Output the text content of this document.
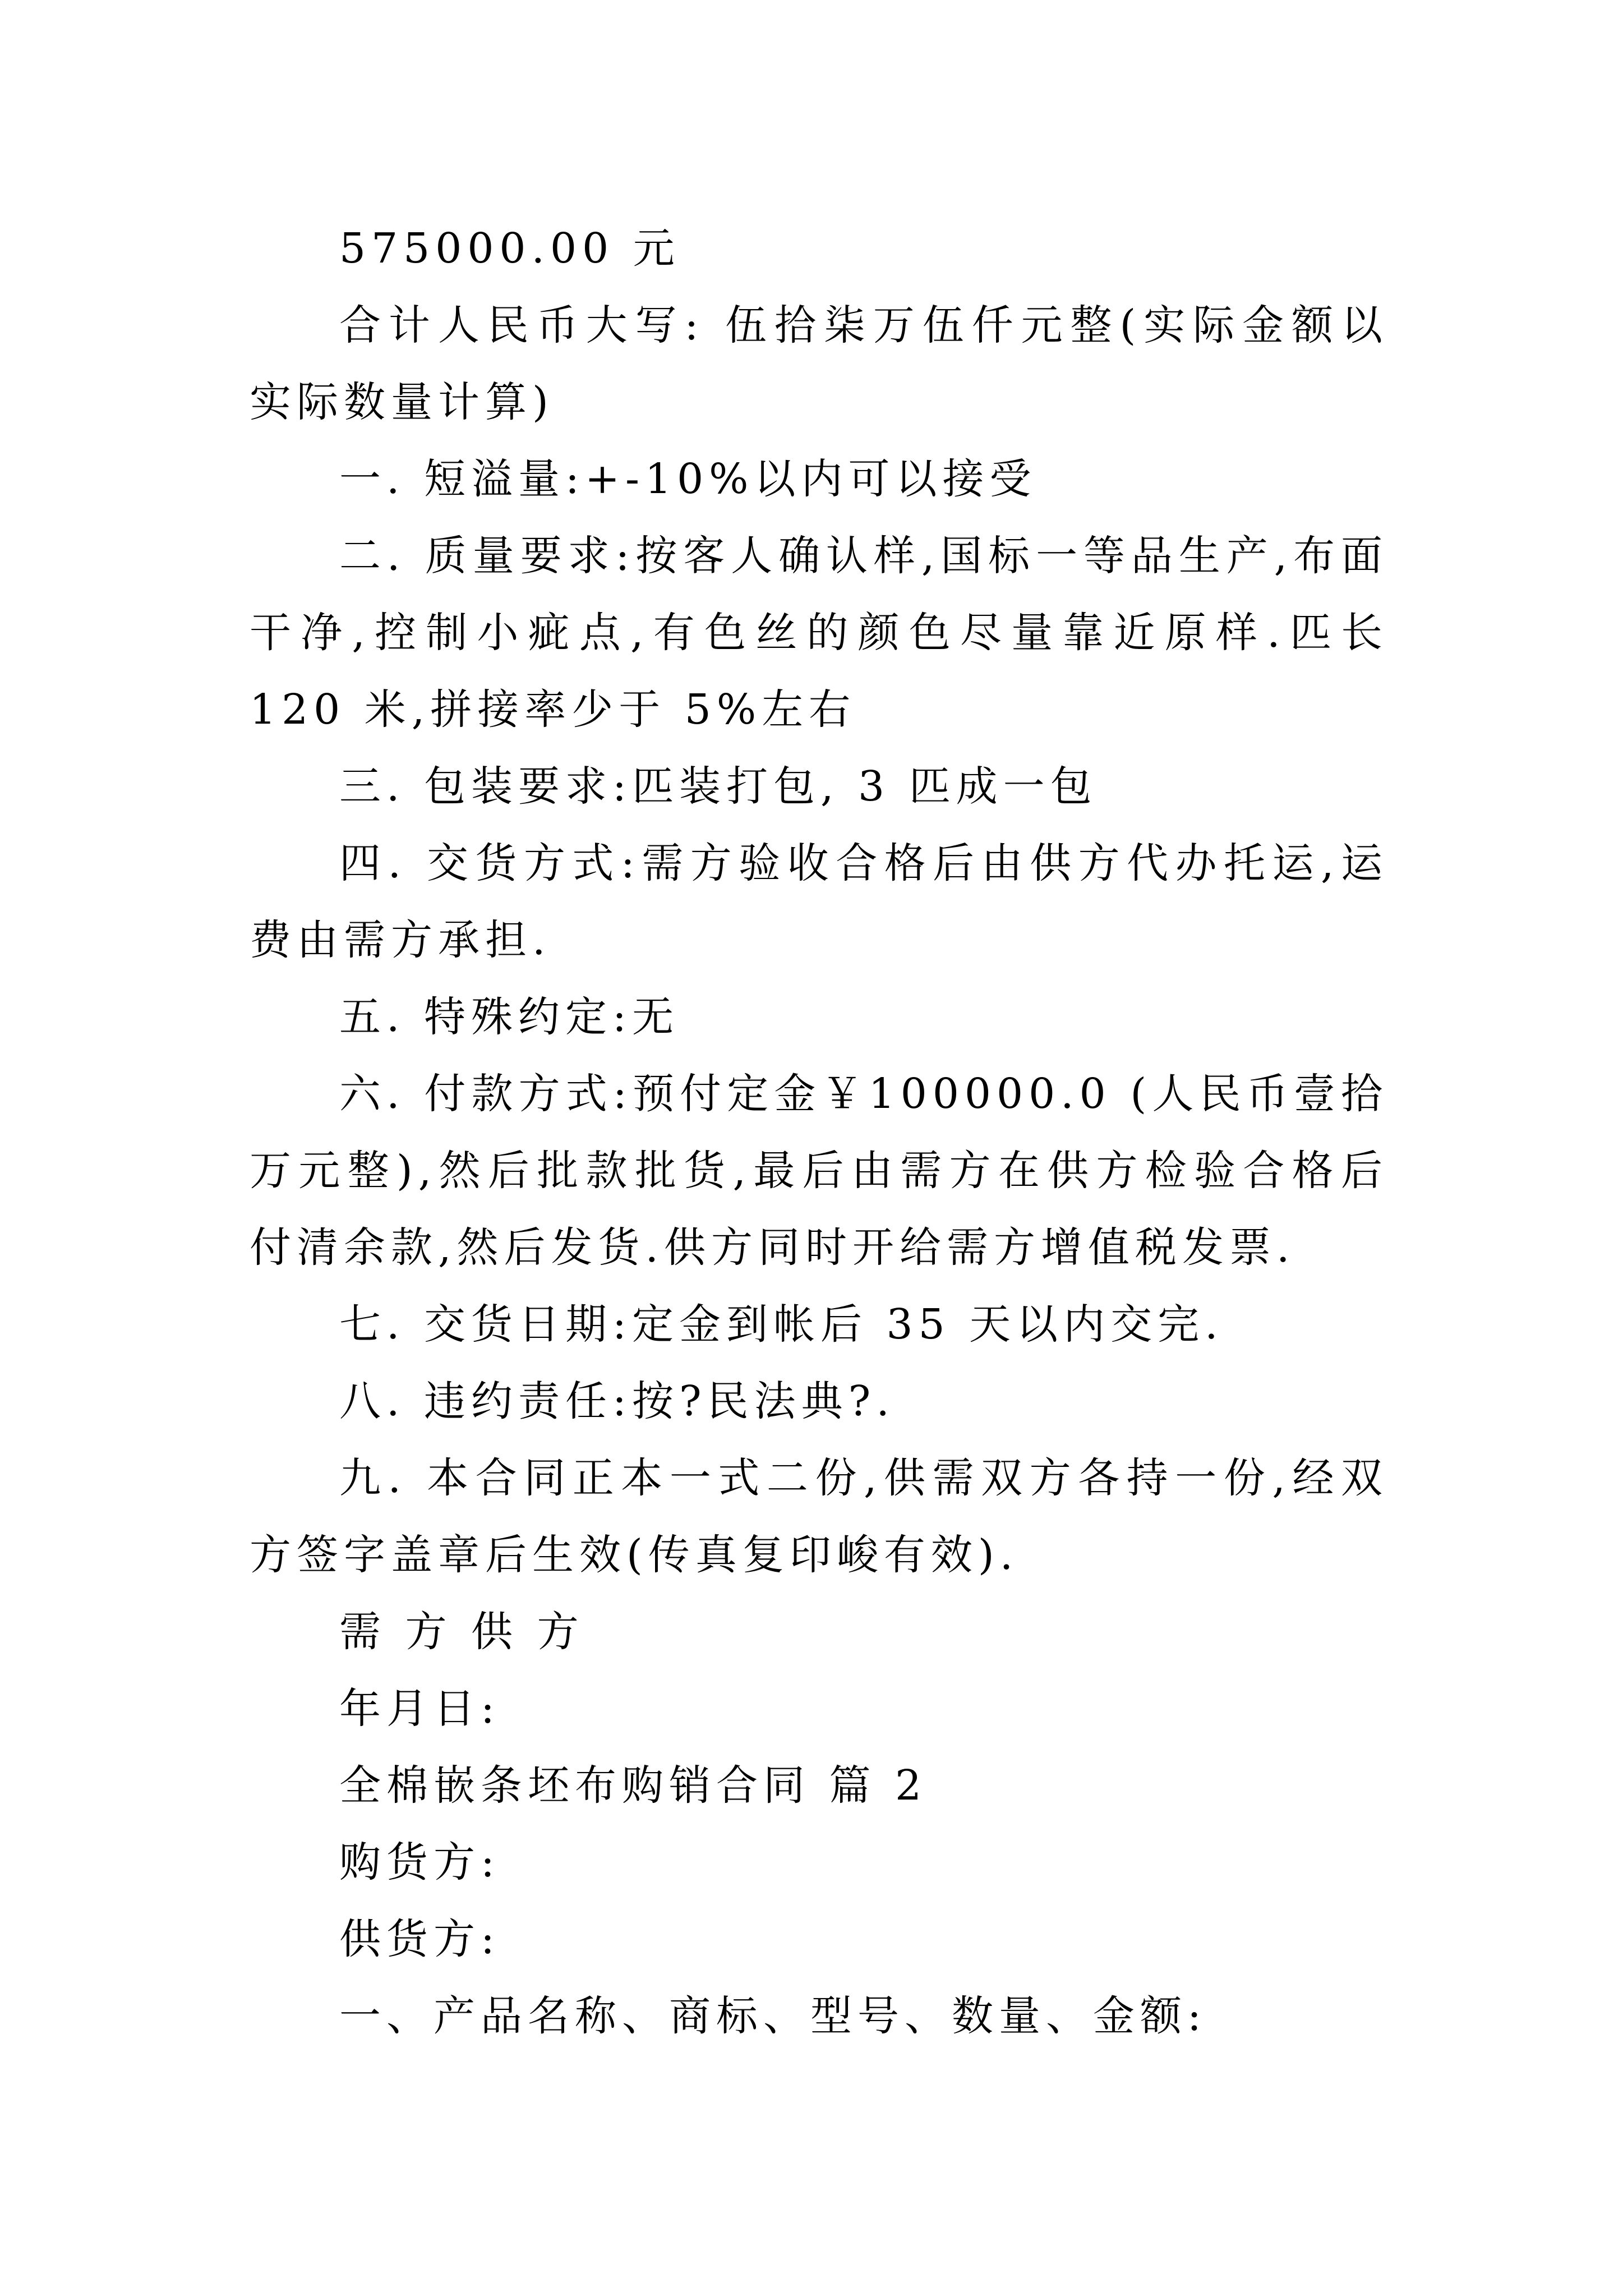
575000.00 元

合计人民币大写: 伍拾柒万伍仟元整(实际金额以实际数量计算)

一. 短溢量:+-10%以内可以接受

二. 质量要求:按客人确认样,国标一等品生产,布面干净,控制小疵点,有色丝的颜色尽量靠近原样.匹长 120 米,拼接率少于 5%左右

三. 包装要求:匹装打包, 3 匹成一包

四. 交货方式:需方验收合格后由供方代办托运,运费由需方承担.

五. 特殊约定:无

六. 付款方式:预付定金￥100000.0 (人民币壹拾万元整),然后批款批货,最后由需方在供方检验合格后付清余款,然后发货.供方同时开给需方增值税发票.

七. 交货日期:定金到帐后 35 天以内交完.

八. 违约责任:按?民法典?.

九. 本合同正本一式二份,供需双方各持一份,经双方签字盖章后生效(传真复印峻有效).

需 方 供 方

年月日:

全棉嵌条坯布购销合同 篇 2

购货方:

供货方:

一、产品名称、商标、型号、数量、金额:
